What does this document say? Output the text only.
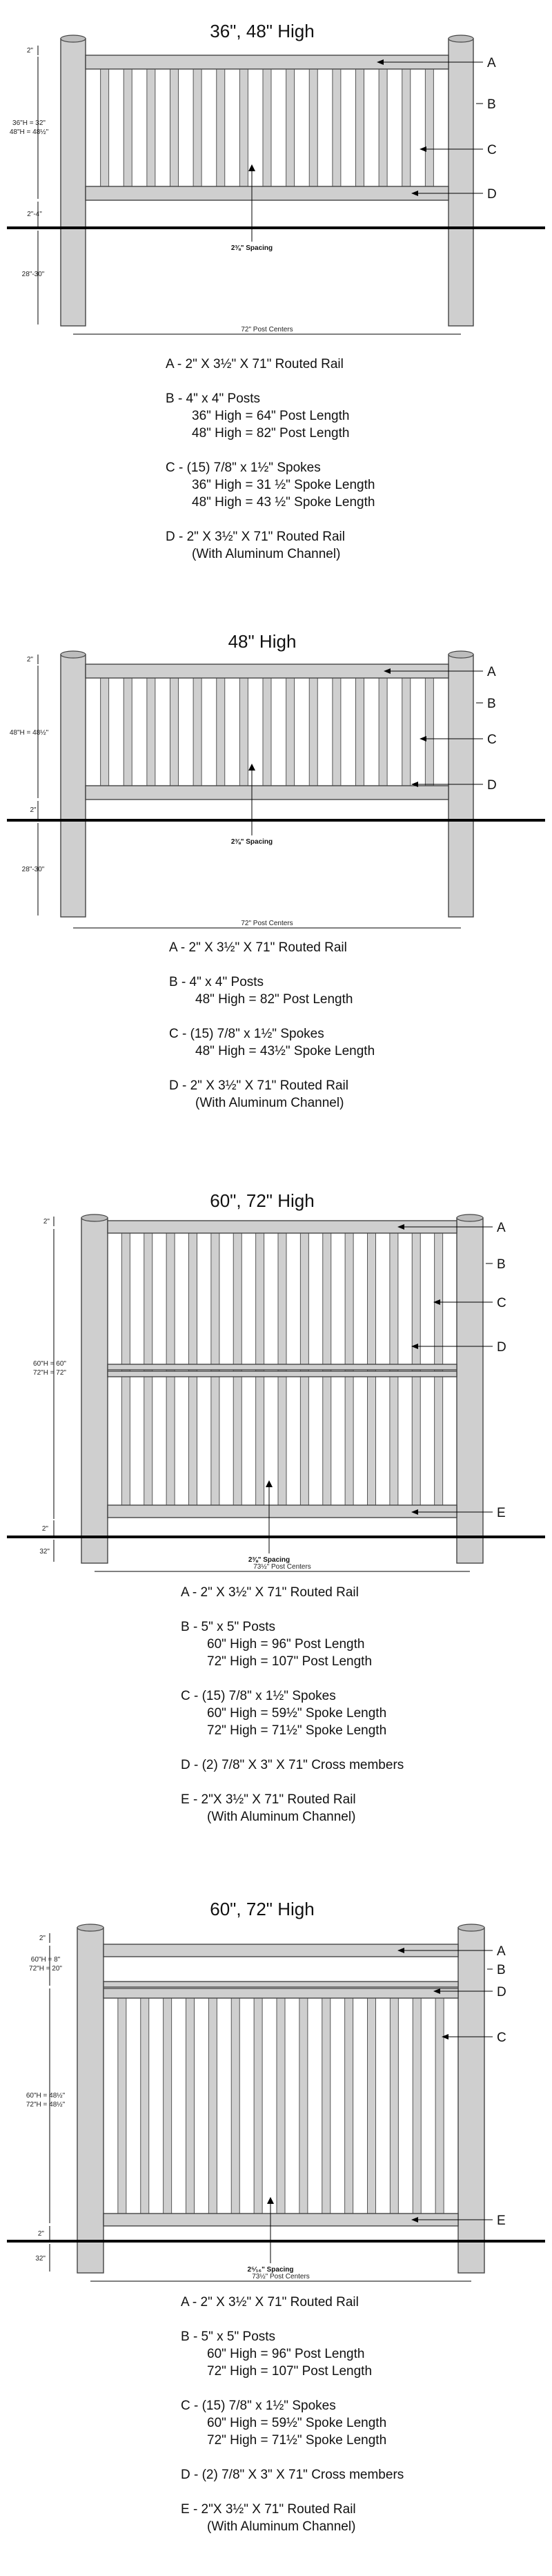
36", 48" High
2"
36"H = 32"
48"H = 48½"
2"-4"
28"-30"
72" Post Centers
2⅜" Spacing
A
B
C
D
A - 2" X 3½" X 71" Routed Rail
B - 4" x 4" Posts
36" High = 64" Post Length
48" High = 82" Post Length
C - (15) 7/8" x 1½" Spokes
36" High = 31 ½" Spoke Length
48" High = 43 ½" Spoke Length
D - 2" X 3½" X 71" Routed Rail
(With Aluminum Channel)
48" High
2"
48"H = 48½"
2"
28"-30"
72" Post Centers
2⅜" Spacing
A
B
C
D
A - 2" X 3½" X 71" Routed Rail
B - 4" x 4" Posts
48" High = 82" Post Length
C - (15) 7/8" x 1½" Spokes
48" High = 43½" Spoke Length
D - 2" X 3½" X 71" Routed Rail
(With Aluminum Channel)
60", 72" High
2"
60"H = 60"
72"H = 72"
2"
32"
73½" Post Centers
2⅜" Spacing
A
B
C
D
E
A - 2" X 3½" X 71" Routed Rail
B - 5" x 5" Posts
60" High = 96" Post Length
72" High = 107" Post Length
C - (15) 7/8" x 1½" Spokes
60" High = 59½" Spoke Length
72" High = 71½" Spoke Length
D - (2) 7/8" X 3" X 71" Cross members
E - 2"X 3½" X 71" Routed Rail
(With Aluminum Channel)
60", 72" High
2"
60"H = 8"
72"H = 20"
60"H = 48½"
72"H = 48½"
2"
32"
73½" Post Centers
2⁵⁄₁₆" Spacing
A
B
D
C
E
A - 2" X 3½" X 71" Routed Rail
B - 5" x 5" Posts
60" High = 96" Post Length
72" High = 107" Post Length
C - (15) 7/8" x 1½" Spokes
60" High = 59½" Spoke Length
72" High = 71½" Spoke Length
D - (2) 7/8" X 3" X 71" Cross members
E - 2"X 3½" X 71" Routed Rail
(With Aluminum Channel)
